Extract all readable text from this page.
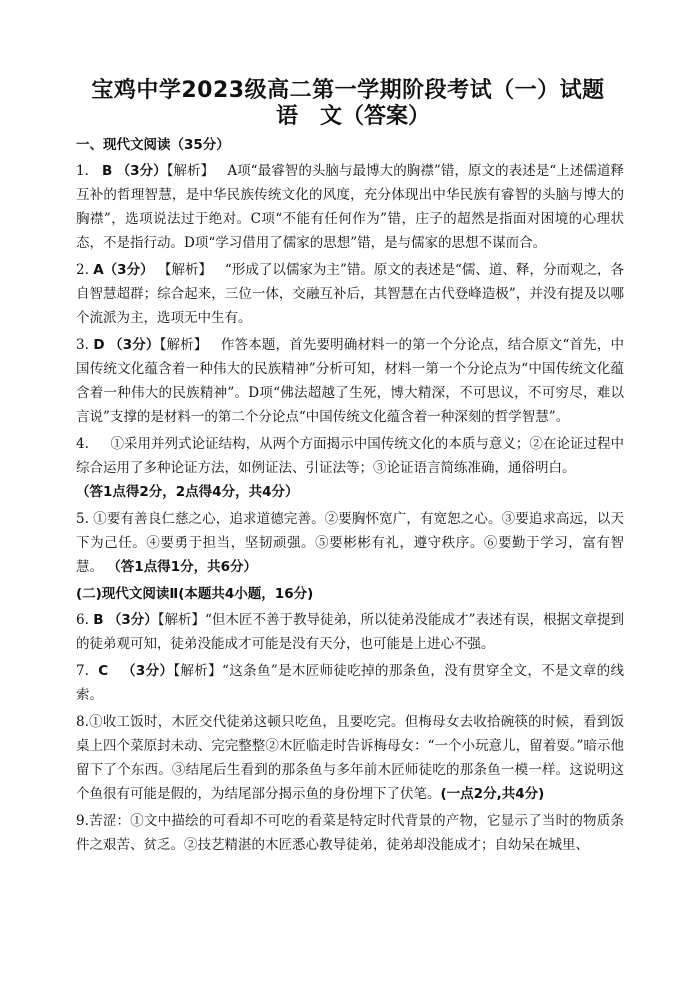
宝鸡中学2023级高二第一学期阶段考试（一）试题
语　文（答案）
一、现代文阅读（35分）

1. B （3分）【解析】 A项“最睿智的头脑与最博大的胸襟”错，原文的表述是“上述儒道释互补的哲理智慧，是中华民族传统文化的风度，充分体现出中华民族有睿智的头脑与博大的胸襟”，选项说法过于绝对。C项“不能有任何作为”错，庄子的超然是指面对困境的心理状态，不是指行动。D项“学习借用了儒家的思想”错，是与儒家的思想不谋而合。

2. A（3分） 【解析】 “形成了以儒家为主”错。原文的表述是“儒、道、释，分而观之，各自智慧超群；综合起来，三位一体，交融互补后，其智慧在古代登峰造极”，并没有提及以哪个流派为主，选项无中生有。

3. D （3分）【解析】 作答本题，首先要明确材料一的第一个分论点，结合原文“首先，中国传统文化蕴含着一种伟大的民族精神”分析可知，材料一第一个分论点为“中国传统文化蕴含着一种伟大的民族精神”。D项“佛法超越了生死，博大精深，不可思议，不可穷尽，难以言说”支撑的是材料一的第二个分论点“中国传统文化蕴含着一种深刻的哲学智慧”。

4. ①采用并列式论证结构，从两个方面揭示中国传统文化的本质与意义；②在论证过程中综合运用了多种论证方法，如例证法、引证法等；③论证语言简练准确，通俗明白。
（答1点得2分，2点得4分，共4分）

5. ①要有善良仁慈之心，追求道德完善。②要胸怀宽广，有宽恕之心。③要追求高远，以天下为己任。④要勇于担当，坚韧顽强。⑤要彬彬有礼，遵守秩序。⑥要勤于学习，富有智慧。 （答1点得1分，共6分）

(二)现代文阅读Ⅱ(本题共4小题，16分)

6. B （3分）【解析】“但木匠不善于教导徒弟，所以徒弟没能成才”表述有误，根据文章提到的徒弟观可知，徒弟没能成才可能是没有天分，也可能是上进心不强。

7. C （3分）【解析】“这条鱼”是木匠师徒吃掉的那条鱼，没有贯穿全文，不是文章的线索。

8.①收工饭时，木匠交代徒弟这顿只吃鱼，且要吃完。但梅母女去收拾碗筷的时候，看到饭桌上四个菜原封未动、完完整整②木匠临走时告诉梅母女：“一个小玩意儿，留着耍。”暗示他留下了个东西。③结尾后生看到的那条鱼与多年前木匠师徒吃的那条鱼一模一样。这说明这个鱼很有可能是假的，为结尾部分揭示鱼的身份埋下了伏笔。(一点2分,共4分)

9.苦涩：①文中描绘的可看却不可吃的看菜是特定时代背景的产物，它显示了当时的物质条件之艰苦、贫乏。②技艺精湛的木匠悉心教导徒弟，徒弟却没能成才；自幼呆在城里、
